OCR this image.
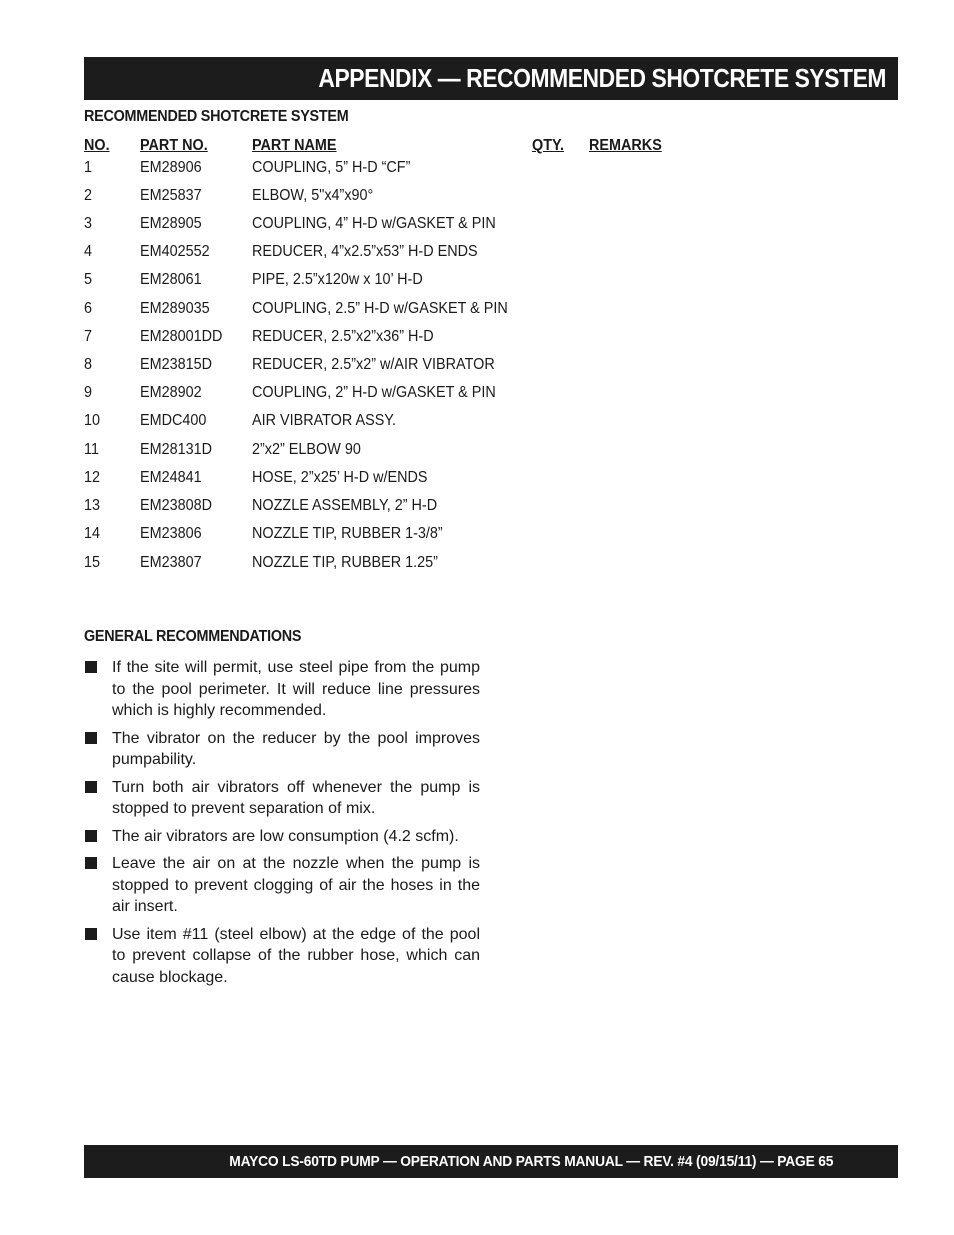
APPENDIX — RECOMMENDED SHOTCRETE SYSTEM
RECOMMENDED SHOTCRETE SYSTEM
NO. PART NO.	PART NAME	QTY. REMARKS
1	EM28906	COUPLING, 5” H-D “CF”
2	EM25837	ELBOW, 5"x4”x90°
3	EM28905	COUPLING, 4” H-D w/GASKET & PIN
4	EM402552	REDUCER, 4”x2.5”x53” H-D ENDS
5	EM28061	PIPE, 2.5”x120w x 10’ H-D
6	EM289035	COUPLING, 2.5” H-D w/GASKET & PIN
7	EM28001DD REDUCER, 2.5”x2”x36” H-D
8	EM23815D REDUCER, 2.5”x2” w/AIR VIBRATOR
9	EM28902	COUPLING, 2” H-D w/GASKET & PIN
10 EMDC400	AIR VIBRATOR ASSY.
11	EM28131D 2”x2” ELBOW 90
12 EM24841	HOSE, 2”x25’ H-D w/ENDS
13 EM23808D NOZZLE ASSEMBLY, 2” H-D
14 EM23806	NOZZLE TIP, RUBBER 1-3/8”
15 EM23807	NOZZLE TIP, RUBBER 1.25”
GENERAL RECOMMENDATIONS
If the site will permit, use steel pipe from the pump to the pool perimeter. It will reduce line pressures which is highly recommended.
The vibrator on the reducer by the pool improves pumpability.
Turn both air vibrators off whenever the pump is stopped to prevent separation of mix.
The air vibrators are low consumption (4.2 scfm).
Leave the air on at the nozzle when the pump is stopped to prevent clogging of air the hoses in the air insert.
Use item #11 (steel elbow) at the edge of the pool to prevent collapse of the rubber hose, which can cause blockage.
MAYCO LS-60TD PUMP — OPERATION AND PARTS MANUAL — REV. #4 (09/15/11) — PAGE 65
